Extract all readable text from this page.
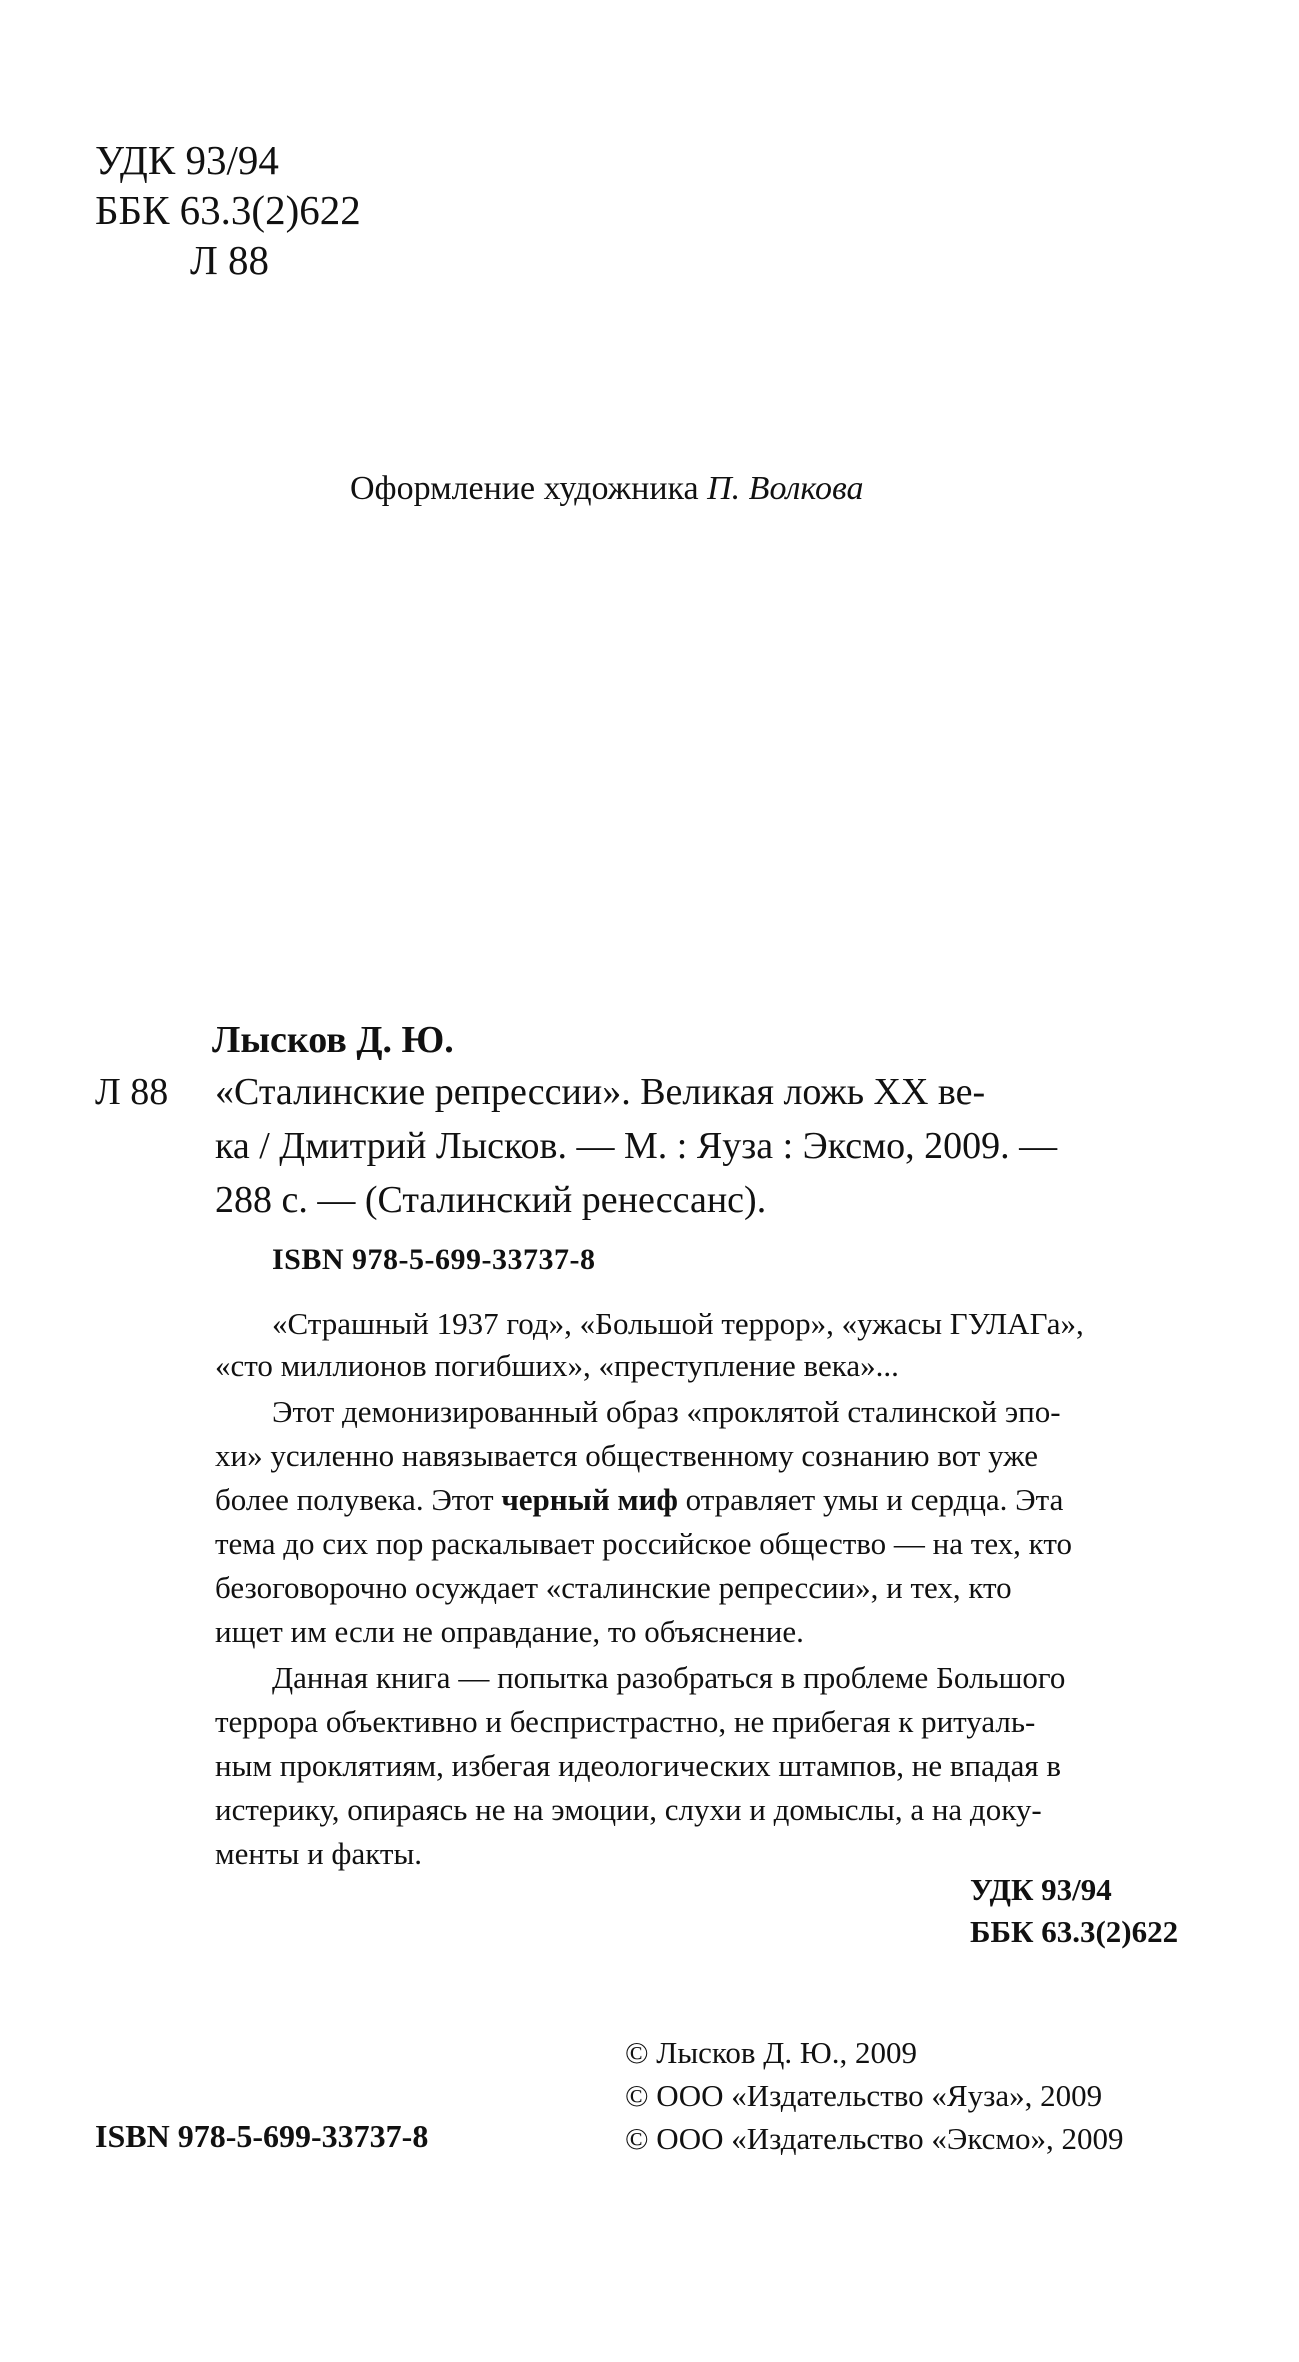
УДК 93/94
ББК 63.3(2)622
Л 88
Оформление художника П. Волкова
Лысков Д. Ю.
Л 88 «Сталинские репрессии». Великая ложь XX ве-
ка / Дмитрий Лысков. — М. : Яуза : Эксмо, 2009. —
288 с. — (Сталинский ренессанс).
ISBN 978-5-699-33737-8
«Страшный 1937 год», «Большой террор», «ужасы ГУЛАГа»,
«сто миллионов погибших», «преступление века»...
Этот демонизированный образ «проклятой сталинской эпо-
хи» усиленно навязывается общественному сознанию вот уже
более полувека. Этот черный миф отравляет умы и сердца. Эта
тема до сих пор раскалывает российское общество — на тех, кто
безоговорочно осуждает «сталинские репрессии», и тех, кто
ищет им если не оправдание, то объяснение.
Данная книга — попытка разобраться в проблеме Большого
террора объективно и беспристрастно, не прибегая к ритуаль-
ным проклятиям, избегая идеологических штампов, не впадая в
истерику, опираясь не на эмоции, слухи и домыслы, а на доку-
менты и факты.
УДК 93/94
ББК 63.3(2)622
© Лысков Д. Ю., 2009
© ООО «Издательство «Яуза», 2009
© ООО «Издательство «Эксмо», 2009
ISBN 978-5-699-33737-8
